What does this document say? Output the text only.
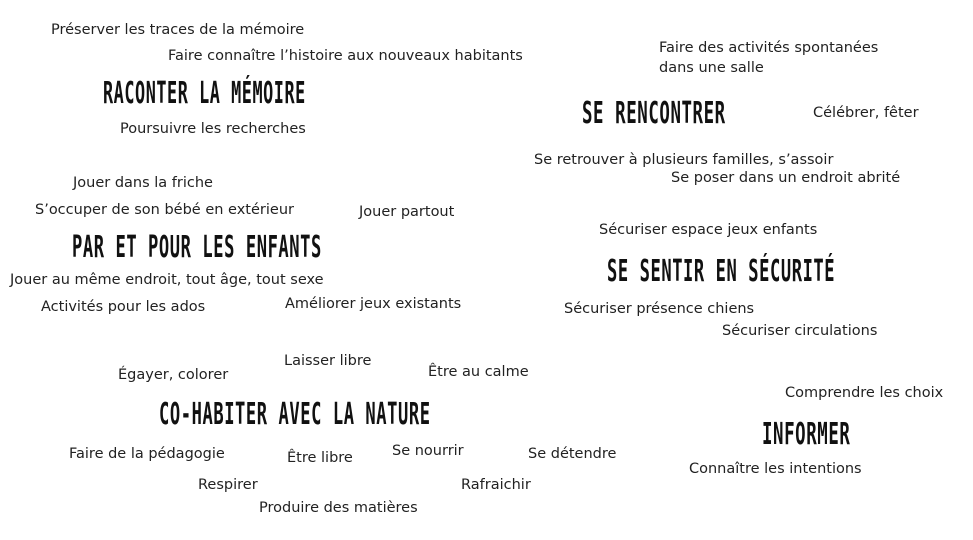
Préserver les traces de la mémoire
Faire connaître l’histoire aux nouveaux habitants
RACONTER LA MÉMOIRE
Poursuivre les recherches
Faire des activités spontanées dans une salle
SE RENCONTRER	Célébrer, fêter
Se retrouver à plusieurs familles, s’assoir
Se poser dans un endroit abrité
Jouer dans la friche
S’occuper de son bébé en extérieur	Jouer partout
PAR ET POUR LES ENFANTS
Jouer au même endroit, tout âge, tout sexe
Activités pour les ados	Améliorer jeux existants
Sécuriser espace jeux enfants
SE SENTIR EN SÉCURITÉ
Sécuriser présence chiens
Sécuriser circulations
Laisser libre
Égayer, colorer	Être au calme
CO-HABITER AVEC LA NATURE
Faire de la pédagogie	Être libre	Se nourrir	Se détendre
Respirer	Rafraichir
Produire des matières
Comprendre les choix
INFORMER
Connaître les intentions
